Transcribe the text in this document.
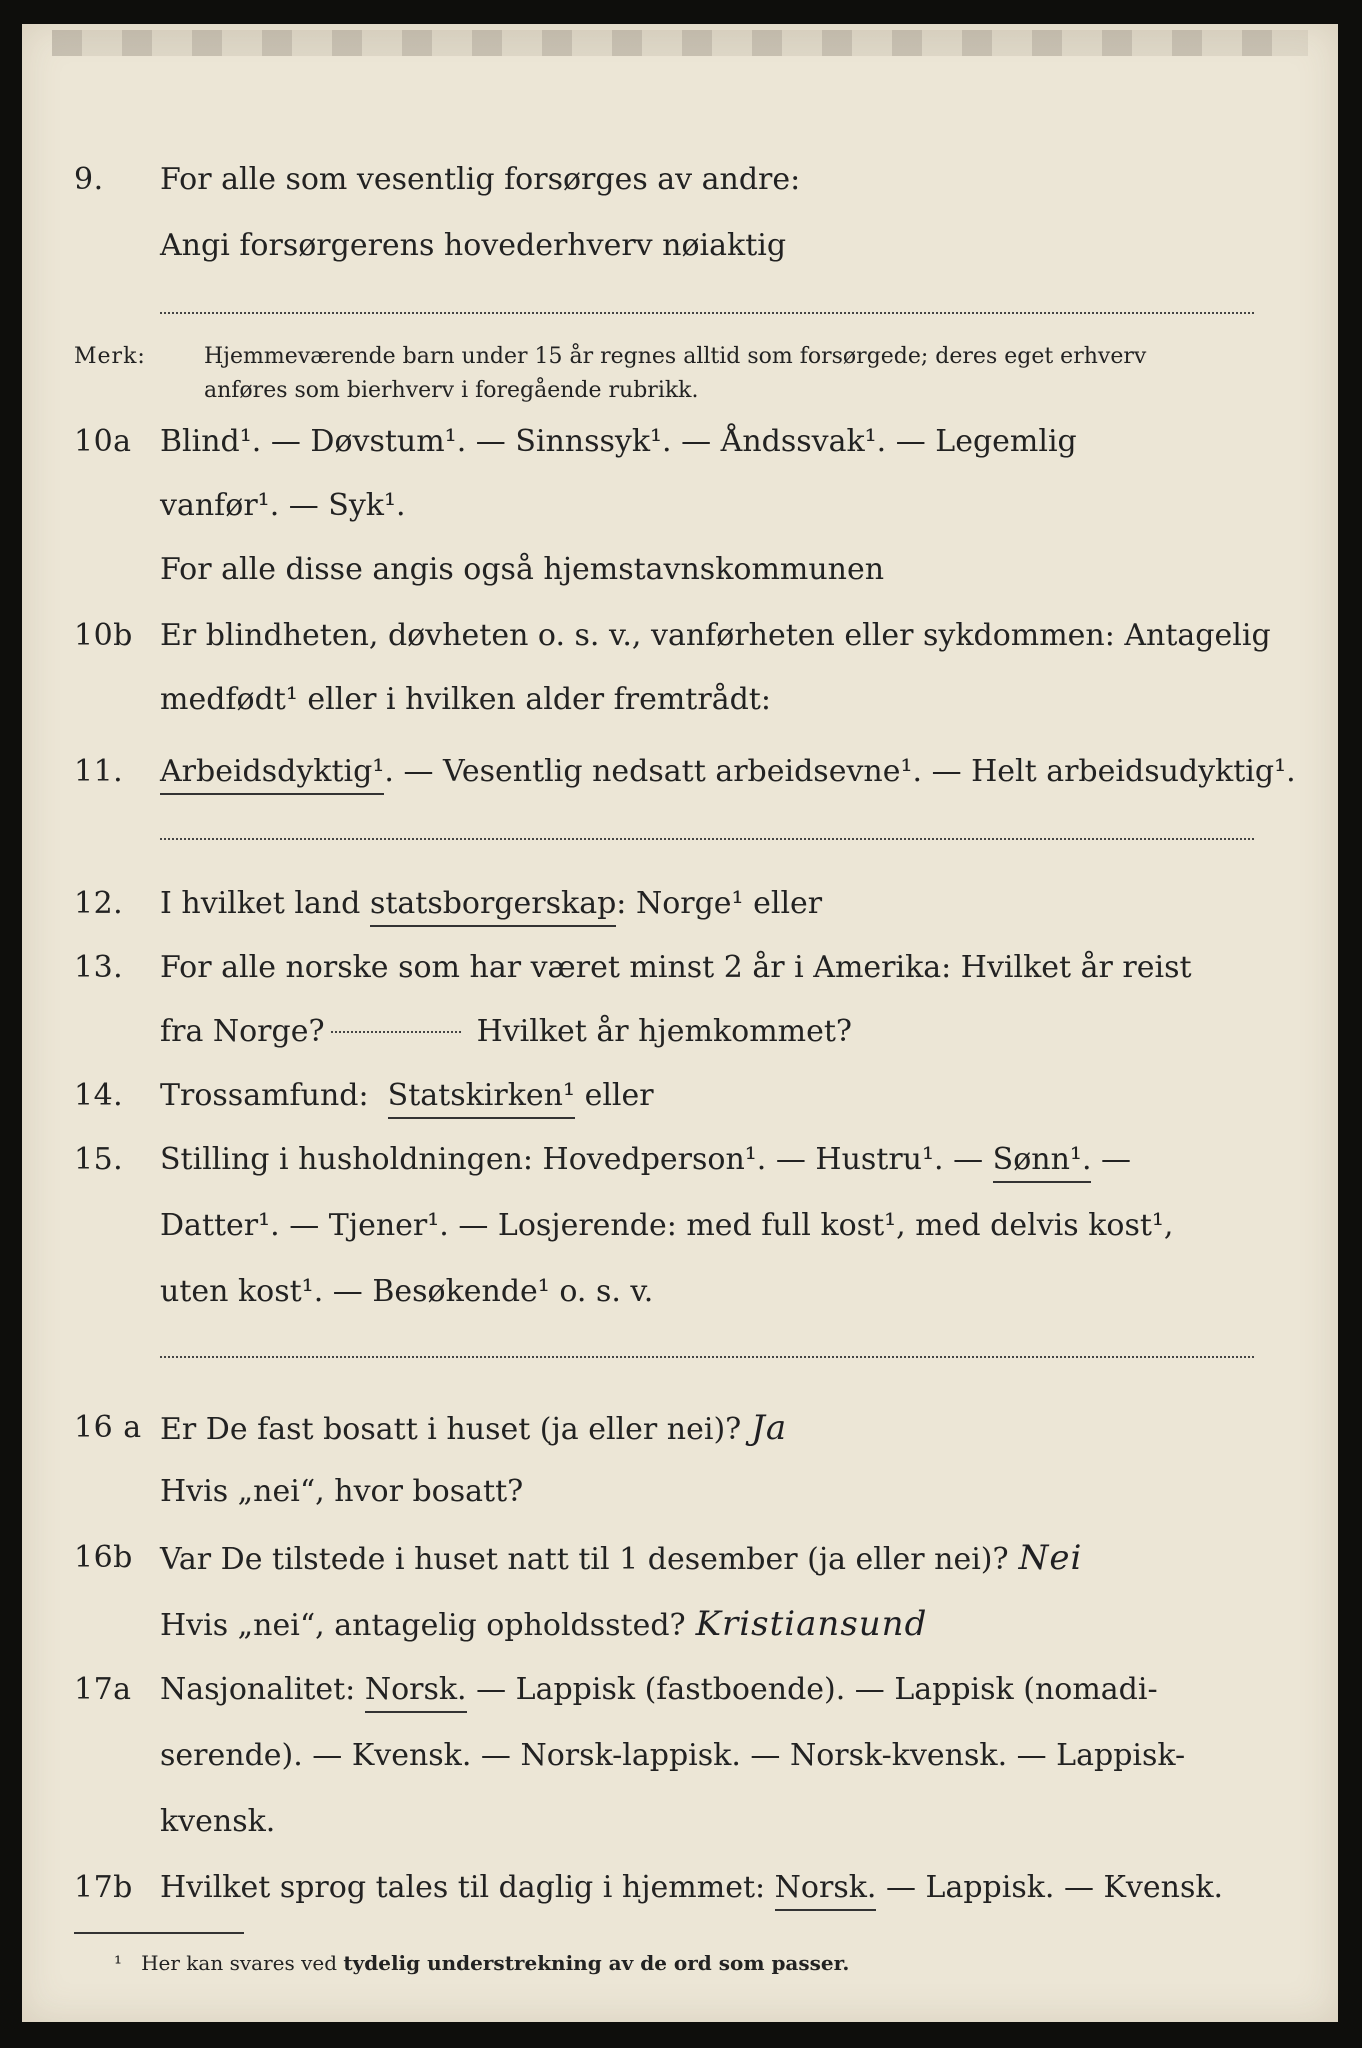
9. For alle som vesentlig forsørges av andre:
Angi forsørgerens hovederhverv nøiaktig
Merk:	Hjemmeværende barn under 15 år regnes alltid som forsørgede; deres eget erhverv
anføres som bierhverv i foregående rubrikk.
10a Blind¹. — Døvstum¹. — Sinnssyk¹. — Åndssvak¹. — Legemlig
vanfør¹. — Syk¹.
For alle disse angis også hjemstavnskommunen
10b Er blindheten, døvheten o. s. v., vanførheten eller sykdommen: Antagelig
medfødt¹ eller i hvilken alder fremtrådt:
11. Arbeidsdyktig¹ . — Vesentlig nedsatt arbeidsevne¹. — Helt arbeidsudyktig¹.
12. I hvilket land
statsborgerskap : Norge¹ eller
13. For alle norske som har været minst 2 år i Amerika: Hvilket år reist
fra Norge?	Hvilket år hjemkommet?
14. Trossamfund:
Statskirken¹
eller
15. Stilling i husholdningen: Hovedperson¹. — Hustru¹. —
Sønn¹.
—
Datter¹. — Tjener¹. — Losjerende: med full kost¹, med delvis kost¹,
uten kost¹. — Besøkende¹ o. s. v.
16 a Er De fast bosatt i huset (ja eller nei)? Ja
Hvis „nei“, hvor bosatt?
16b Var De tilstede i huset natt til 1 desember (ja eller nei)? Nei
Hvis „nei“, antagelig opholdssted? Kristiansund
17a Nasjonalitet:
Norsk.
— Lappisk (fastboende). — Lappisk (nomadi-
serende). — Kvensk. — Norsk-lappisk. — Norsk-kvensk. — Lappisk-
kvensk.
17b Hvilket sprog tales til daglig i hjemmet:
Norsk.
— Lappisk. — Kvensk.
¹ Her kan svares ved tydelig understrekning av de ord som passer.
